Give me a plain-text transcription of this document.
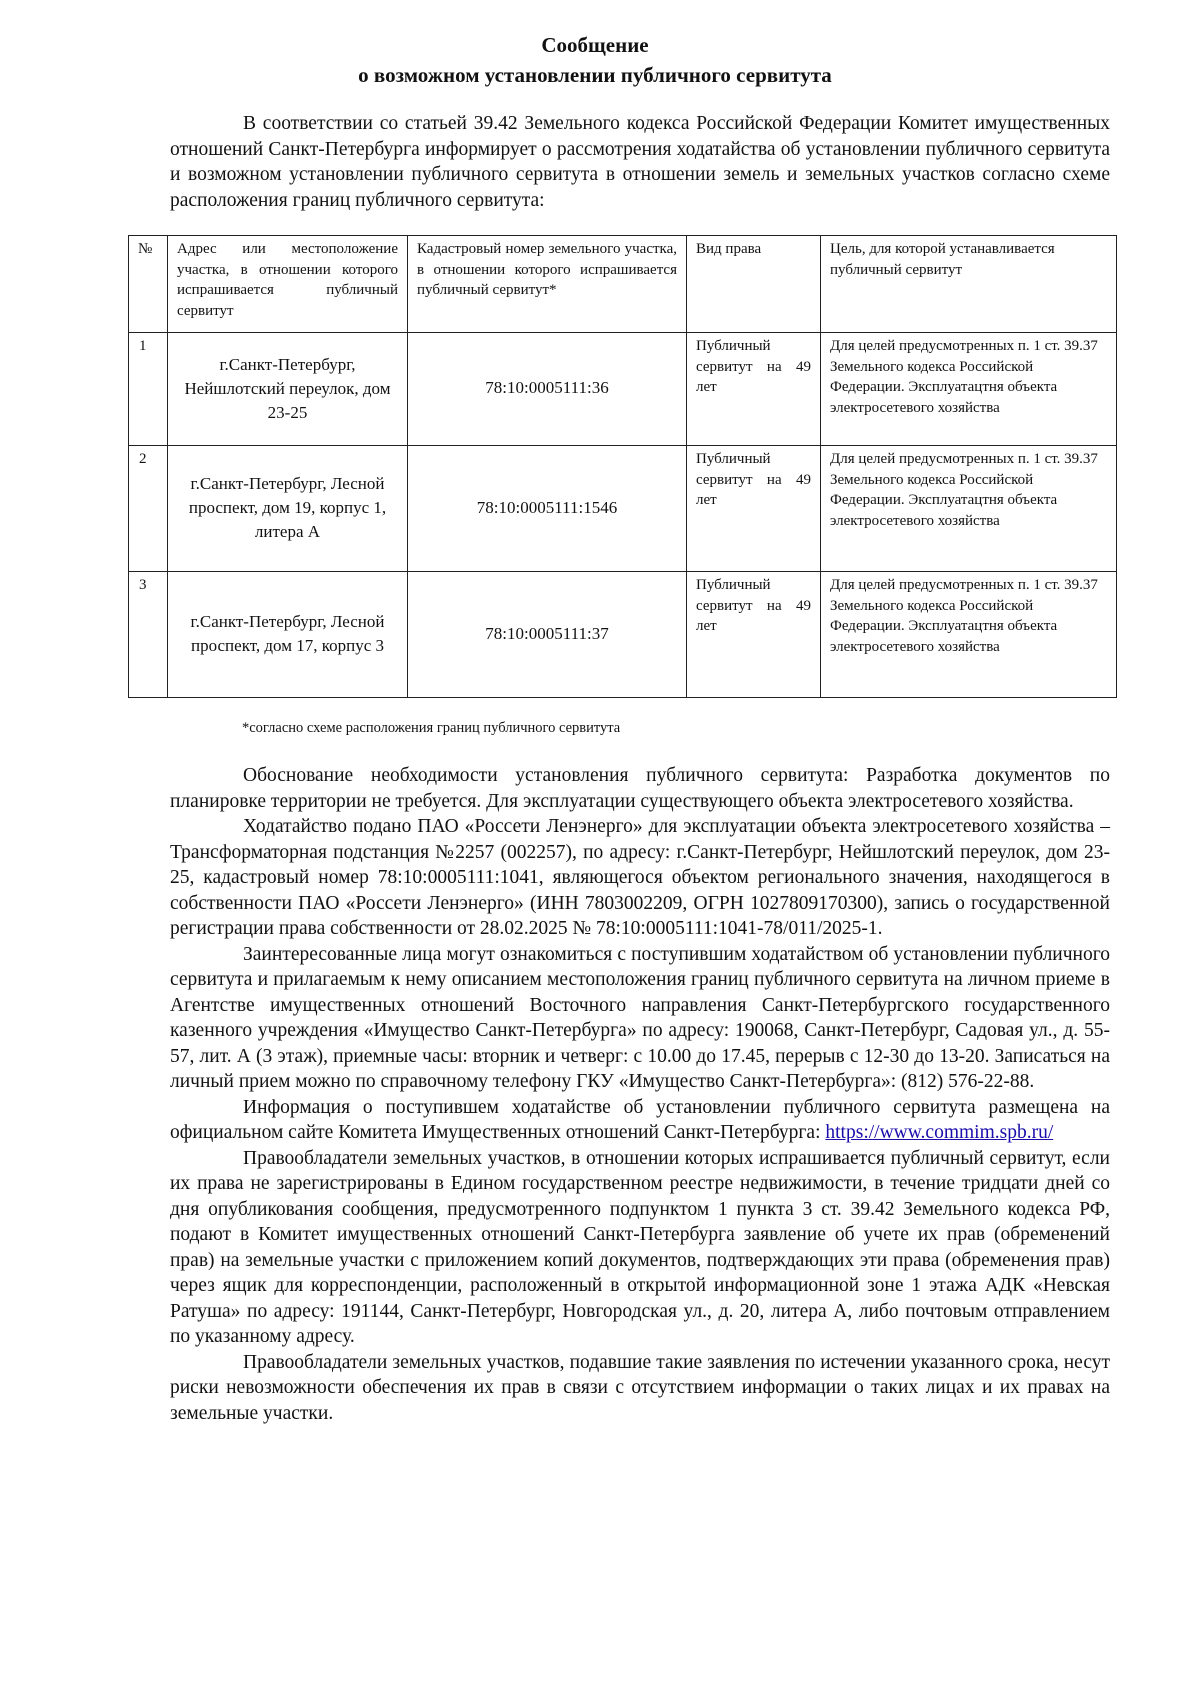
Сообщение
о возможном установлении публичного сервитута

В соответствии со статьей 39.42 Земельного кодекса Российской Федерации Комитет имущественных отношений Санкт-Петербурга информирует о рассмотрения ходатайства об установлении публичного сервитута и возможном установлении публичного сервитута в отношении земель и земельных участков согласно схеме расположения границ публичного сервитута:

№	Адрес или местоположение участка, в отношении которого испрашивается публичный сервитут	Кадастровый номер земельного участка, в отношении которого испрашивается публичный сервитут*	Вид права	Цель, для которой устанавливается публичный сервитут
1	г.Санкт-Петербург, Нейшлотский переулок, дом 23-25	78:10:0005111:36	Публичный сервитут на 49 лет	Для целей предусмотренных п. 1 ст. 39.37 Земельного кодекса Российской Федерации. Эксплуатацтня объекта электросетевого хозяйства
2	г.Санкт-Петербург, Лесной проспект, дом 19, корпус 1, литера А	78:10:0005111:1546	Публичный сервитут на 49 лет	Для целей предусмотренных п. 1 ст. 39.37 Земельного кодекса Российской Федерации. Эксплуатацтня объекта электросетевого хозяйства
3	г.Санкт-Петербург, Лесной проспект, дом 17, корпус 3	78:10:0005111:37	Публичный сервитут на 49 лет	Для целей предусмотренных п. 1 ст. 39.37 Земельного кодекса Российской Федерации. Эксплуатацтня объекта электросетевого хозяйства
*согласно схеме расположения границ публичного сервитута

Обоснование необходимости установления публичного сервитута: Разработка документов по планировке территории не требуется. Для эксплуатации существующего объекта электросетевого хозяйства.

Ходатайство подано ПАО «Россети Ленэнерго» для эксплуатации объекта электросетевого хозяйства – Трансформаторная подстанция №2257 (002257), по адресу: г.Санкт-Петербург, Нейшлотский переулок, дом 23-25, кадастровый номер 78:10:0005111:1041, являющегося объектом регионального значения, находящегося в собственности ПАО «Россети Ленэнерго» (ИНН 7803002209, ОГРН 1027809170300), запись о государственной регистрации права собственности от 28.02.2025 № 78:10:0005111:1041-78/011/2025-1.

Заинтересованные лица могут ознакомиться с поступившим ходатайством об установлении публичного сервитута и прилагаемым к нему описанием местоположения границ публичного сервитута на личном приеме в Агентстве имущественных отношений Восточного направления Санкт-Петербургского государственного казенного учреждения «Имущество Санкт-Петербурга» по адресу: 190068, Санкт-Петербург, Садовая ул., д. 55-57, лит. А (3 этаж), приемные часы: вторник и четверг: с 10.00 до 17.45, перерыв с 12-30 до 13-20. Записаться на личный прием можно по справочному телефону ГКУ «Имущество Санкт-Петербурга»: (812) 576-22-88.

Информация о поступившем ходатайстве об установлении публичного сервитута размещена на официальном сайте Комитета Имущественных отношений Санкт-Петербурга: https://www.commim.spb.ru/

Правообладатели земельных участков, в отношении которых испрашивается публичный сервитут, если их права не зарегистрированы в Едином государственном реестре недвижимости, в течение тридцати дней со дня опубликования сообщения, предусмотренного подпунктом 1 пункта 3 ст. 39.42 Земельного кодекса РФ, подают в Комитет имущественных отношений Санкт-Петербурга заявление об учете их прав (обременений прав) на земельные участки с приложением копий документов, подтверждающих эти права (обременения прав) через ящик для корреспонденции, расположенный в открытой информационной зоне 1 этажа АДК «Невская Ратуша» по адресу: 191144, Санкт-Петербург, Новгородская ул., д. 20, литера А, либо почтовым отправлением по указанному адресу.

Правообладатели земельных участков, подавшие такие заявления по истечении указанного срока, несут риски невозможности обеспечения их прав в связи с отсутствием информации о таких лицах и их правах на земельные участки.
